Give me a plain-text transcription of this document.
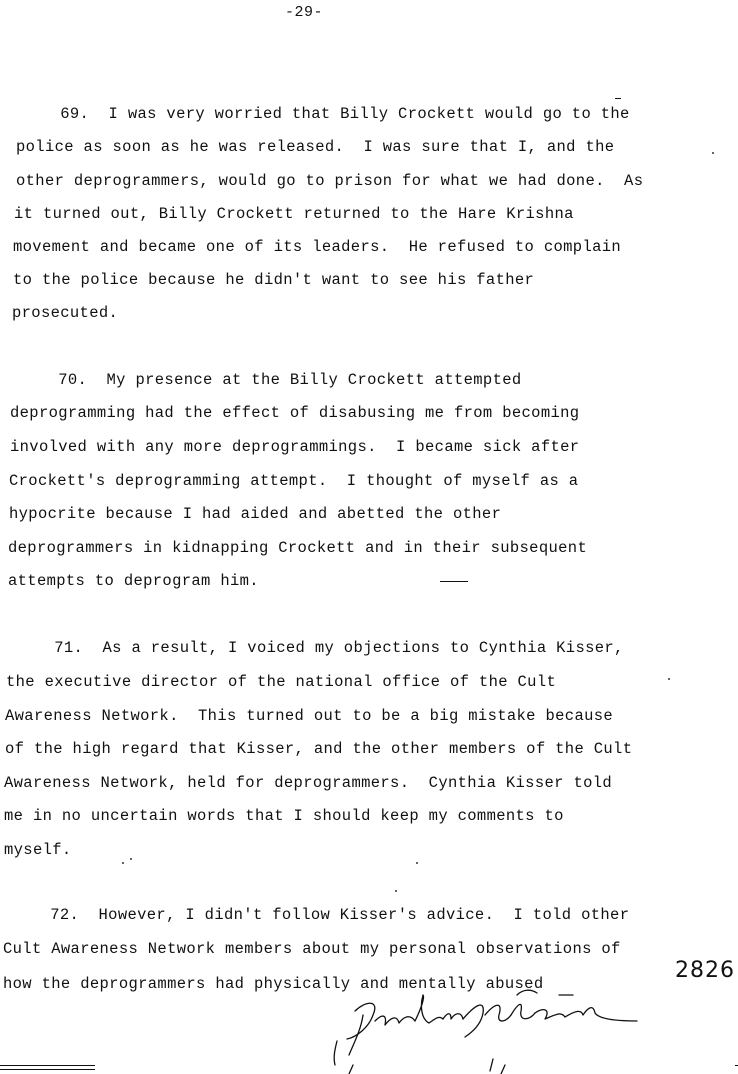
-29-
69.  I was very worried that Billy Crockett would go to the
police as soon as he was released.  I was sure that I, and the
other deprogrammers, would go to prison for what we had done.  As
it turned out, Billy Crockett returned to the Hare Krishna
movement and became one of its leaders.  He refused to complain
to the police because he didn't want to see his father
prosecuted.
70.  My presence at the Billy Crockett attempted
deprogramming had the effect of disabusing me from becoming
involved with any more deprogrammings.  I became sick after
Crockett's deprogramming attempt.  I thought of myself as a
hypocrite because I had aided and abetted the other
deprogrammers in kidnapping Crockett and in their subsequent
attempts to deprogram him.
71.  As a result, I voiced my objections to Cynthia Kisser,
the executive director of the national office of the Cult
Awareness Network.  This turned out to be a big mistake because
of the high regard that Kisser, and the other members of the Cult
Awareness Network, held for deprogrammers.  Cynthia Kisser told
me in no uncertain words that I should keep my comments to
myself.
72.  However, I didn't follow Kisser's advice.  I told other
Cult Awareness Network members about my personal observations of
how the deprogrammers had physically and mentally abused
2826
